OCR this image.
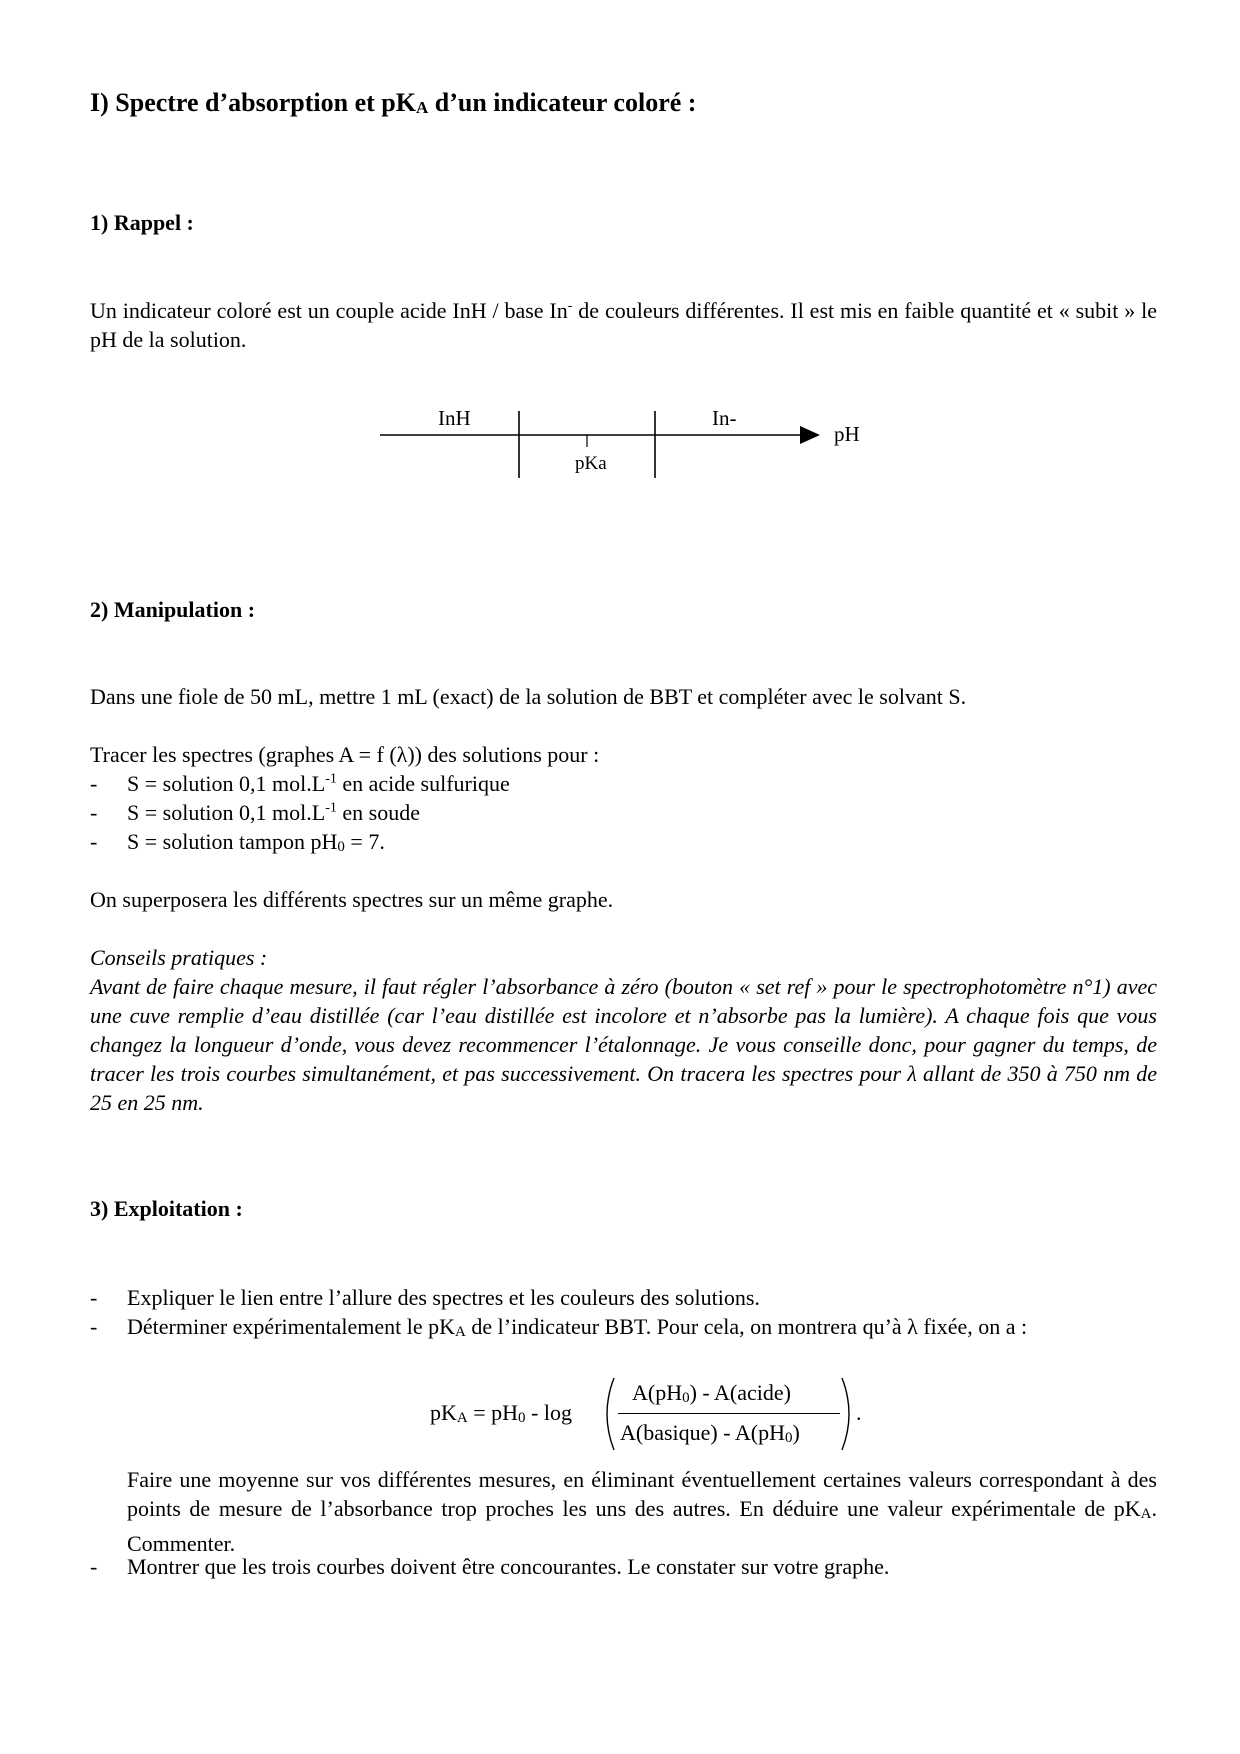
I) Spectre d’absorption et pKA d’un indicateur coloré :
1) Rappel :
Un indicateur coloré est un couple acide InH / base In- de couleurs différentes. Il est mis en faible quantité et « subit » le pH de la solution.
InH	In-
pKa
pH
2) Manipulation :
Dans une fiole de 50 mL, mettre 1 mL (exact) de la solution de BBT et compléter avec le solvant S.
Tracer les spectres (graphes A = f (λ)) des solutions pour :
- S = solution 0,1 $mol.L^{-1}$ en acide sulfurique
- S = solution 0,1 $mol.L^{-1}$ en soude
- S = solution tampon pH0 = 7.
On superposera les différents spectres sur un même graphe.
Conseils pratiques :
Avant de faire chaque mesure, il faut régler l’absorbance à zéro (bouton « set ref » pour le spectrophotomètre n°1) avec une cuve remplie d’eau distillée (car l’eau distillée est incolore et n’absorbe pas la lumière). A chaque fois que vous changez la longueur d’onde, vous devez recommencer l’étalonnage. Je vous conseille donc, pour gagner du temps, de tracer les trois courbes simultanément, et pas successivement. On tracera les spectres pour λ allant de 350 à 750 nm de 25 en 25 nm.
3) Exploitation :
- Expliquer le lien entre l’allure des spectres et les couleurs des solutions.
-	Déterminer expérimentalement le pKA de l’indicateur BBT. Pour cela, on montrera qu’à λ fixée, on a :
pKA = pH0 - log
A(pH0) - A(acide)
A(basique) - A(pH0)
.
Faire une moyenne sur vos différentes mesures, en éliminant éventuellement certaines valeurs correspondant à des points de mesure de l’absorbance trop proches les uns des autres. En déduire une valeur expérimentale de pKA. Commenter.
- Montrer que les trois courbes doivent être concourantes. Le constater sur votre graphe.
